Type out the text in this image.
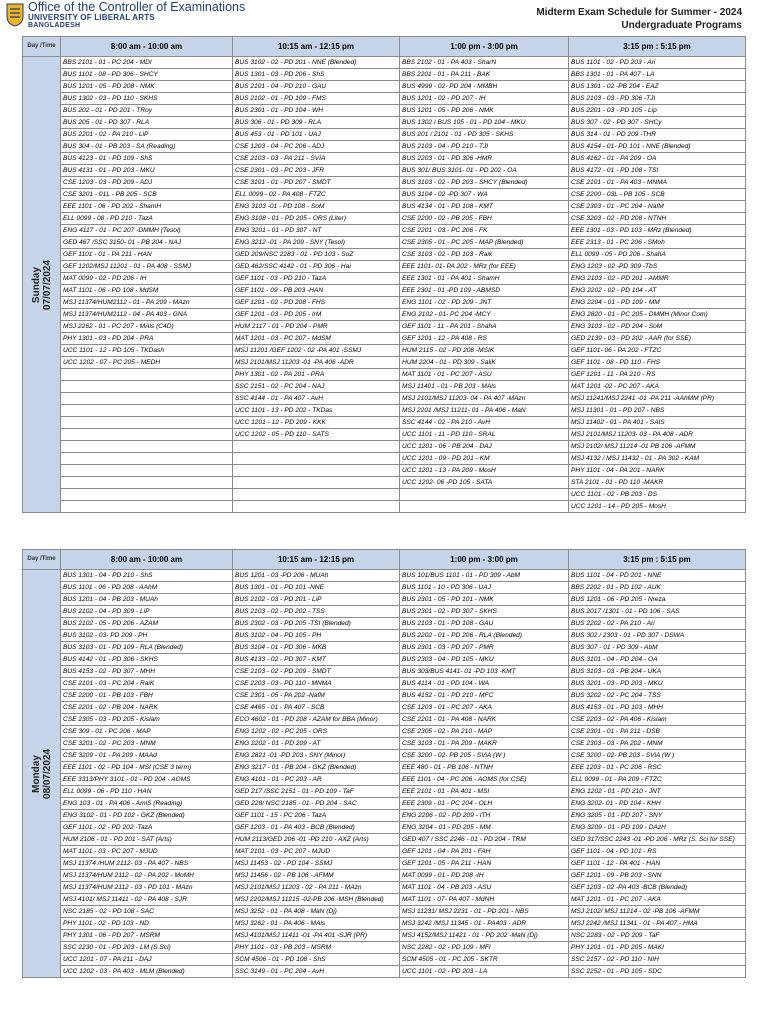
Office of the Controller of Examinations
UNIVERSITY OF LIBERAL ARTS
BANGLADESH
Midterm Exam Schedule for Summer - 2024
Undergraduate Programs
Day /Time	8:00 am - 10:00 am	10:15 am - 12:15 pm	1:00 pm - 3:00 pm	3:15 pm : 5:15 pm

Sunday 07/07/2024	BBS 2101 - 01 - PC 204 - MDI	BUS 3102 - 02 - PD 201 - NNE (Blended)	BBS 2102 - 01 - PA 403 - SharN	BUS 1101 - 02 - PD 203 - Ari
	BUS 1101 - 08 - PD 306 - SHCY	BUS 1301 - 03 - PD 206 - ShS	BBS 2201 - 01 - PA 211 - BAK	BBS 1301 - 01 - PA 407 - LA
	BUS 1201 - 05 - PD 208 - NMK	BUS 2101 - 04 - PD 210 - GAU	BUS 4999 - 02- PD 204 - MMBH	BUS 1301 - 02 -PB 204 - EAZ
	BUS 1302 - 03 - PD 110 - SKHS	BUS 2102 - 01 - PD 109 - FMS	BUS 1201 - 02 - PD 207 - IH	BUS 2103 - 03 - PD 306 -TJI
	BUS 202 - 01 - PD 201 - TRoy	BUS 2301 - 01 - PD 104 - WH	BUS 1201 - 05 - PD 206 - NMK	BUS 2201 - 03 - PD 105 - Lip
	BUS 205 - 01 - PD 307 - RLA	BUS 306 - 01 - PD 309 - RLA	BUS 1302 / BUS 105 - 01 - PD 104 - MKU	BUS 307 - 02 - PD 307 - SHCy
	BUS 2201 - 02 - PA 210 - LiP	BUS 453 - 01 - PD 101 - UAJ	BUS 201 / 2101 - 01 - PD 305 - SKHS	BUS 314 - 01 - PD 209 -THR
	BUS 304 - 01 - PB 203 - SA (Reading)	CSE 1203 - 04 - PC 206 - ADJ	BUS 2103 - 04 - PD 210 - TJI	BUS 4154 - 01- PD 101 - NNE (Blended)
	BUS 4123 - 01 - PD 109 - ShS	CSE 2103 - 03 - PA 211 - SVIA	BUS 2203 - 01 - PD 306 -HMR	BUS 4162 - 01 - PA 209 - OA
	BUS 4131 - 01 - PD 203 - MKU	CSE 2301 - 03 - PC 203 - JFR	BUS 301/ BUS 3101- 01 - PD 202 - OA	BUS 4172 - 01 - PD 108 - TSI
	CSE 1203 - 03 - PD 209 - ADJ	CSE 3101 - 01 - PD 207 - SMDT	BUS 3103 - 02 - PD 203 - SHCY (Blended)	CSE 2101 - 01 - PA 403 - MNMA
	CSE 3201 - 01L - PB 205 - SCB	ELL 0099 - 02 - PA 408 - FTZC	BUS 3104 - 02 -PD 307 - WA	CSE 2200 - 03L - PB 105 - SCB
	EEE 1101 - 06 - PD 202 - ShamH	ENG 3103 -01 - PD 108 - SoM	BUS 4134 - 01 - PD 108 - KMT	CSE 2303 - 01 - PC 204 - NafM
	ELL 0099 - 08 - PD 210 - TazA	ENG 3108 - 01 - PD 205 - ORS (Liter)	CSE 2200 - 02 - PB 205 - FBH	CSE 3203 - 02 - PD 208 - NTNH
	ENG 4117 - 01 - PC 207 -DMMH (Tesol)	ENG 3201 - 01 - PD 307 - NT	CSE 2201 - 03 - PC 206 - FK	EEE 1301 - 03 - PD 103 - MRz (Blended)
	GED 467 /SSC 3150- 01 - PB 204 - NAJ	ENG 3212 -01 - PA 209 - SNY (Tesol)	CSE 2305 - 01 - PC 205 - MAP (Blended)	EEE 2313 - 01 - PC 206 - SMoh
	GEF 1101 - 01 - PA 211 - HAN	GED 209/NSC 2283 - 01 - PD 103 - SoZ	CSE 3103 - 02 - PD 103 - Raik	ELL 0099 - 05 - PD 206 - ShahA
	GEF 1202/MSJ 11201 - 01 - PA 408 - SSMJ	GED 462/SSC 4142 - 01 - PD 306 - Hai	EEE 1101- 01- PA 202 - MRz (for EEE)	ENG 1203 - 02 -PD 309 -TbS
	MAT 0099 - 02 - PD 206 - IH	GEF 1101 - 03 - PD 210 - TazA	EEE 1301 - 01 - PA 401 - ShamH	ENG 2103 - 02 - PD 201 - AMMR
	MAT 1101 - 06 - PD 108 - MdSM	GEF 1101 - 09 - PB 203 -HAN	EEE 2301 - 01 -PD 109 - ABMSD	ENG 2202 - 02 - PD 104 - AT
	MSJ 11374/HUM2112 - 01 - PA 209 - MAzn	GEF 1201 - 02 - PD 208 - FHS	ENG 1101 - 02 - PD 209 - JNT	ENG 2204 - 01 - PD 109 - MM
	MSJ 11374/HUM2112 - 04 - PA 403 - GNA	GEF 1201 - 03 - PD 205 - IrM	ENG 2102 - 01- PC 204 -MCY	ENG 2820 - 01 - PC 205 - DMMH (Minor Com)
	MSJ 2262 - 01 - PC 207 - MAls (C4D)	HUM 2117 - 01 - PD 204 - PMR	GEF 1101 - 11 - PA 201 - ShahA	ENG 3103 - 02 - PD 204 - SoM
	PHY 1301 - 03 - PD 204 - PRA	MAT 1201 - 03 - PC 207 - MdSM	GEF 1201 - 12 - PA 408 - RS	GED 2139 - 03 - PD 202 - AAR (for SSE)
	UCC 1101 - 12 - PD 105 - TKDash	MSJ 11201 /GEF 1202 - 02 -PA 401 -SSMJ	HUM 2115 - 02 - PD 208 -MSIK	GEF 1101- 06 - PA 202 - FTZC
	UCC 1202 - 07 - PC 205 - MEDH	MSJ 2101/MSJ 11203 -01 -PA 406 -ADR	HUM 2204 - 01 - PD 309 - SaliK	GEF 1101 - 08 - PD 110 - FHS
		PHY 1301 - 02 - PA 201 - PRA	MAT 1101 - 01 - PC 207 - ASU	GEF 1201 - 11 - PA 210 - RS
		SSC 2151 - 02 - PC 204 - NAJ	MSJ 11401 - 01 - PB 203 - MAls	MAT 1201 -02 - PC 207 - AKA
		SSC 4144 - 01 - PA 407 - AvH	MSJ 2101/MSJ 11203- 04 - PA 407 -MAzn	MSJ 11241/MSJ 2241 -01 -PA 211 -AAhMM (PR)
		UCC 1101 - 13 - PD 202 - TKDas	MSJ 2201 /MSJ 11211- 01 - PA 406 - MaN	MSJ 11301 - 01 - PD 207 - NBS
		UCC 1201 - 12 - PD 209 - KKK	SSC 4144 - 02 - PA 210 - AvH	MSJ 11402 - 01 - PA 401 - SAIS
		UCC 1202 - 05 - PD 110 - SATS	UCC 1101 - 11 - PD 110 - SRAL	MSJ 2101/MSJ 11203- 03 - PA 408 - ADR
			UCC 1201 - 06 - PB 204 - DAJ	MSJ 2102/ MSJ 11214 -01 PB 106 -AFMM
			UCC 1201 - 09 - PD 201 - KM	MSJ 4132 / MSJ 11432 - 01 - PA 302 - KAM
			UCC 1201 - 13 - PA 209 - MosH	PHY 1101 - 04 - PA 201 - NARK
			UCC 1202- 06 -PD 105 - SATA	STA 2101 - 01 - PD 110 -MAKR
				UCC 1101 - 02 - PB 203 - DS
				UCC 1201 - 14 - PD 205 - MosH
Day /Time	8:00 am - 10:00 am	10:15 am - 12:15 pm	1:00 pm - 3:00 pm	3:15 pm : 5:15 pm

Monday 08/07/2024	BUS 1301 - 04 - PD 210 - ShS	BUS 1201 - 03 -PD 206 - MUAh	BUS 101/BUS 1101 - 01 - PD 309 - AbM	BUS 1101 - 04 - PD 201 - NNE
	BUS 1101 - 06 - PD 208 - AAhM	BUS 1301 - 01 - PD 101 -NNE	BUS 1101 - 10 - PD 306 - UAJ	BBS 2202 - 01 - PD 102 - AUK
	BUS 1201 - 04 - PB 203 - MUAh	BUS 2102 - 03 - PD 201 - LiP	BUS 2301 - 05 - PD 101 - NMK	BUS 1201 - 06 - PD 205 - Nreza
	BUS 2102 - 04 - PD 309 - LiP	BUS 2103 - 02 - PD 202 - TSS	BUS 2301 - 02 - PD 307 - SKHS	BUS 2017 /1301 - 01 - PD 106 - SAS
	BUS 2102 - 05 - PD 206 - AZAM	BUS 2302 - 03 - PD 205 -TSI (Blended)	BUS 2103 - 01 - PD 108 - GAU	BUS 2202 - 02 - PA 210 - Ari
	BUS 3102 - 03- PD 209 - PH	BUS 3102 - 04 - PD 105 - PH	BUS 2202 - 01 - PD 206 - RLA (Blended)	BUS 302 / 2303 - 01 - PD 307 - DSWA
	BUS 3103 - 01 - PD 109 - RLA (Blended)	BUS 3104 - 01 - PD 306 - MKB	BUS 2301 - 03 - PD 207 - PMR	BUS 307 - 01 - PD 309 - AbM
	BUS 4142 - 01 - PD 306 - SKHS	BUS 4133 - 02 - PD 307 - KMT	BUS 2303 - 04 - PD 105 - MKU	BUS 3101 - 04 - PD 204 - OA
	BUS 4153 - 02 - PD 307 - MHH	CSE 2103 - 02 - PD 209 - SMDT	BUS 303/BUS 4141- 01 -PD 103 -KMT	BUS 3103 - 03 - PB 204 - UKA
	CSE 2101 - 03 - PC 204 - RaiK	CSE 2203 - 03 - PD 110 - MNMA	BUS 4114 - 01 - PD 104 - WA	BUS 3201 - 03 - PD 203 - MKU
	CSE 2200 - 01 - PB 103 - FBH	CSE 2301 - 05 - PA 202 -NafM	BUS 4152 - 01 - PD 210 - MFC	BUS 3202 - 02 - PC 204 - TSS
	CSE 2201 - 02 - PB 204 - NARK	CSE 4465 - 01 - PA 407 - SCB	CSE 1203 - 01 - PC 207 - AKA	BUS 4153 - 01 - PD 103 - MHH
	CSE 2305 - 03 - PD 205 - Kislam	ECO 4602 - 01 - PD 208 - AZAM for BBA (Minor)	CSE 2201 - 01 - PA 408 - NARK	CSE 2203 - 02 - PA 406 - Kislam
	CSE 309 - 01 - PC 206 - MAP	ENG 1202 - 02 - PC 205 - ORS	CSE 2305 - 02 - PA 210 - MAP	CSE 2301 - 01 - PA 211 - DSB
	CSE 3201 - 02 - PC 203 - MNM	ENG 2202 - 01 - PD 209 - AT	CSE 3103 - 01 - PA 209 - MAKR	CSE 2303 - 03 - PA 202 - MNM
	CSE 3209 - 01 - PA 209 - MAAd	ENG 2821 -01 -PD 203 - SNY (Minor)	CSE 3200 - 02- PB 205 - SViA (W )	CSE 3200 - 02- PB 203 - SViA (W )
	EEE 1101 - 02 - PD 104 - MSI (CSE 3 term)	ENG 3217 - 01 - PB 204 - GKZ (Blended)	EEE 480 - 01 - PB 106 - NTNH	EEE 1203 - 01 - PC 206 - RSC
	EEE 3313/PHY 3101 - 01 - PD 204 - AOMS	ENG 4101 - 01 - PC 203 - AR	EEE 1101 - 04 - PC 206 - AOMS (for CSE)	ELL 0099 - 01 - PA 209 - FTZC
	ELL 0099 - 06 - PD 110 - HAN	GED 217 /SSC 2151 - 01 - PD 109 - TaF	EEE 2101 - 01 - PA 401 - MSI	ENG 1202 - 01 - PD 210 - JNT
	ENG 103 - 01 - PA 406 - AmiS (Reading)	GED 228/ NSC 2185 - 01 - PD 204 - SAC	EEE 2309 - 01 - PC 204 - OLH	ENG 3202- 01 - PD 104 - KHH
	ENG 3102 - 01 - PD 102 - GKZ (Blended)	GEF 1101 - 15 - PC 206 - TazA	ENG 2206 - 02 - PD 209 - ITH	ENG 3205 - 01 - PD 207 - SNY
	GEF 1101 - 02 - PD 202 -TazA	GEF 1203 - 01 - PA 403 - BCB (Blended)	ENG 3204 - 01 - PD 205 - MM	ENG 3209 - 01 - PD 109 - DAzH
	HUM 2106 - 01 - PD 201 - SAT (Arts)	HUM 2113/GED 206 -01 -PD 210 - AXZ (Arts)	GED 407 / SSC 2246 - 01 - PD 204 - TRM	GED 317/SSC 2243 -01 -PD 206 - MRz (S. Sci for SSE)
	MAT 1101 - 03 - PC 207 - MJUD	MAT 2101 - 03 - PC 207 - MJUD	GEF 1201 - 04 - PA 201 - FAH	GEF 1101 - 04 - PD 101 - RS
	MSJ 11374 /HUM 2112- 03 - PA 407 - NBS	MSJ 11453 - 02 - PD 104 - SSMJ	GEF 1201 - 05 - PA 211 - HAN	GEF 1101 - 12 - PA 401 - HAN
	MSJ 11374/HUM 2112 - 02 - PA 202 - MoMH	MSJ 11456 - 02 - PB 106 - AFMM	MAT 0099 - 01 - PD 208 -IH	GEF 1201 - 09 - PB 203 - SNN
	MSJ 11374/HUM 2112 - 03 - PD 101 - MAzn	MSJ 2101/MSJ 11203 - 02 - PA 211 - MAzn	MAT 1101 - 04 - PB 203 - ASU	GEF 1203 - 02 -PA 403 -BCB (Blended)
	MSJ 4101/ MSJ 11411 - 02 - PA 408 - SJR	MSJ 2202/MSJ 11215 -02-PB 206 -MSH (Blended)	MAT 1101 - 07- PA 407 - MdNH	MAT 1201 - 01 - PC 207 - AKA
	NSC 2185 - 02 - PD 108 - SAC	MSJ 3252 - 01 - PA 408 - MaN (Dj)	MSJ 11231/ MSJ 2231 - 01 - PD 201 - NBS	MSJ 2102/ MSJ 11214 - 02 -PB 106 -AFMM
	PHY 1101 - 02 - PD 103 - ND	MSJ 3262 - 01 - PA 406 - MAls	MSJ 3242 /MSJ 11345 - 01 - PA403 - ADR	MSJ 2242 /MSJ 11341 - 01 - PA 407 - HMA
	PHY 1301 - 06 - PD 207 - MSRM	MSJ 4101/MSJ 11411 -01 -PA 401 -SJR (PR)	MSJ 4152/MSJ 11421 - 01 - PD 202 -MaN (Dj)	NSC 2283 - 02 - PD 209 - TaF
	SSC 2230 - 01 - PD 203 - LM (S.Sci)	PHY 1101 - 03 - PB 203 - MSRM	NSC 2282 - 02 - PD 109 - MFI	PHY 1201 - 01 - PD 205 - MAKI
	UCC 1201 - 07 - PA 211 - DAJ	SCM 4506 - 01 - PD 108 - ShS	SCM 4505 - 01 - PC 205 - SKTR	SSC 2157 - 02 - PD 110 - NIH
	UCC 1202 - 03 - PA 403 - MLM (Blended)	SSC 3149 - 01 - PC 204 - AvH	UCC 1101 - 02 - PD 203 - LA	SSC 2252 - 01 - PD 105 - SDC
